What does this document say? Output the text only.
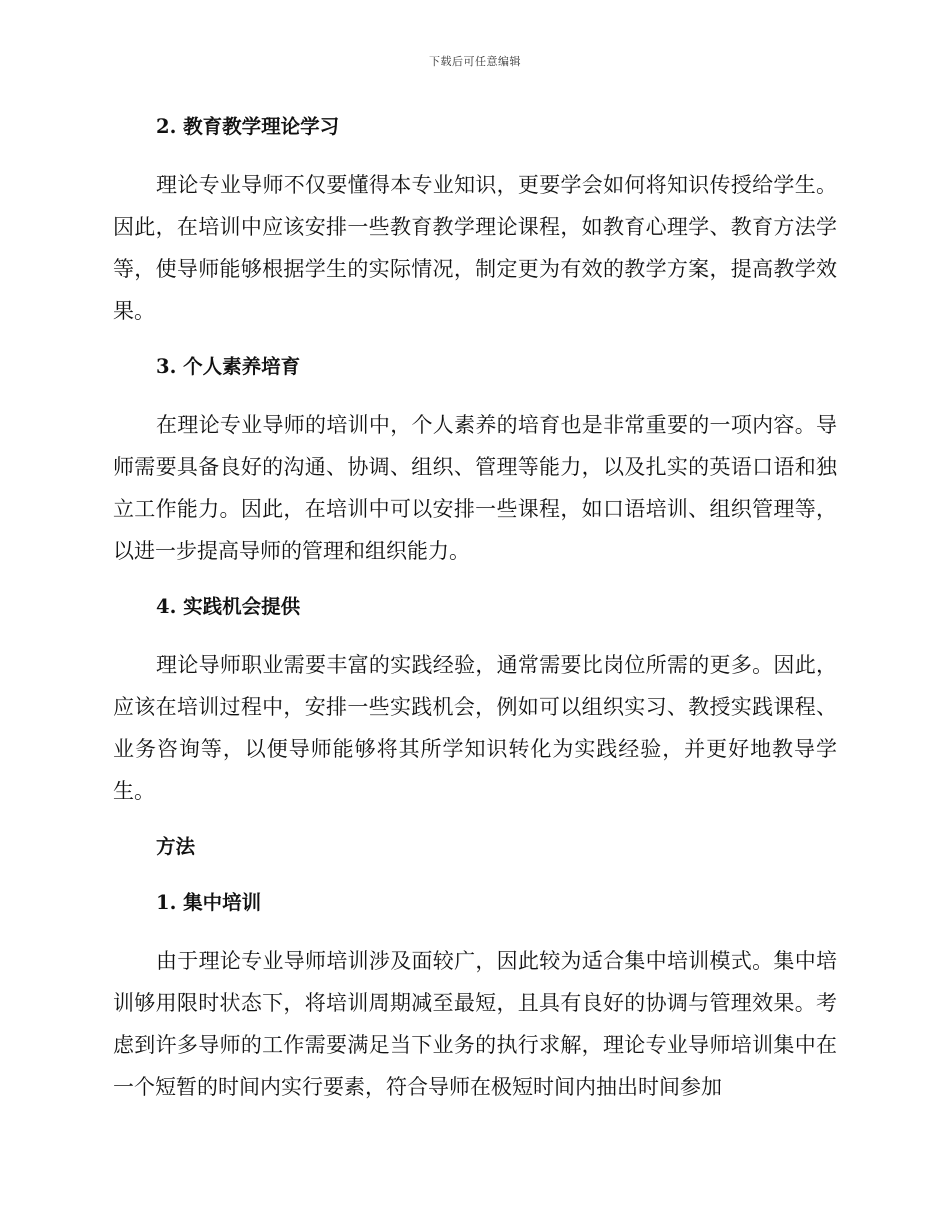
下载后可任意编辑
2. 教育教学理论学习

理论专业导师不仅要懂得本专业知识，更要学会如何将知识传授给学生。因此，在培训中应该安排一些教育教学理论课程，如教育心理学、教育方法学等，使导师能够根据学生的实际情况，制定更为有效的教学方案，提高教学效果。

3. 个人素养培育

在理论专业导师的培训中，个人素养的培育也是非常重要的一项内容。导师需要具备良好的沟通、协调、组织、管理等能力，以及扎实的英语口语和独立工作能力。因此，在培训中可以安排一些课程，如口语培训、组织管理等，以进一步提高导师的管理和组织能力。

4. 实践机会提供

理论导师职业需要丰富的实践经验，通常需要比岗位所需的更多。因此，应该在培训过程中，安排一些实践机会，例如可以组织实习、教授实践课程、业务咨询等，以便导师能够将其所学知识转化为实践经验，并更好地教导学生。

方法
1. 集中培训

由于理论专业导师培训涉及面较广，因此较为适合集中培训模式。集中培训够用限时状态下，将培训周期减至最短，且具有良好的协调与管理效果。考虑到许多导师的工作需要满足当下业务的执行求解，理论专业导师培训集中在一个短暂的时间内实行要素，符合导师在极短时间内抽出时间参加
